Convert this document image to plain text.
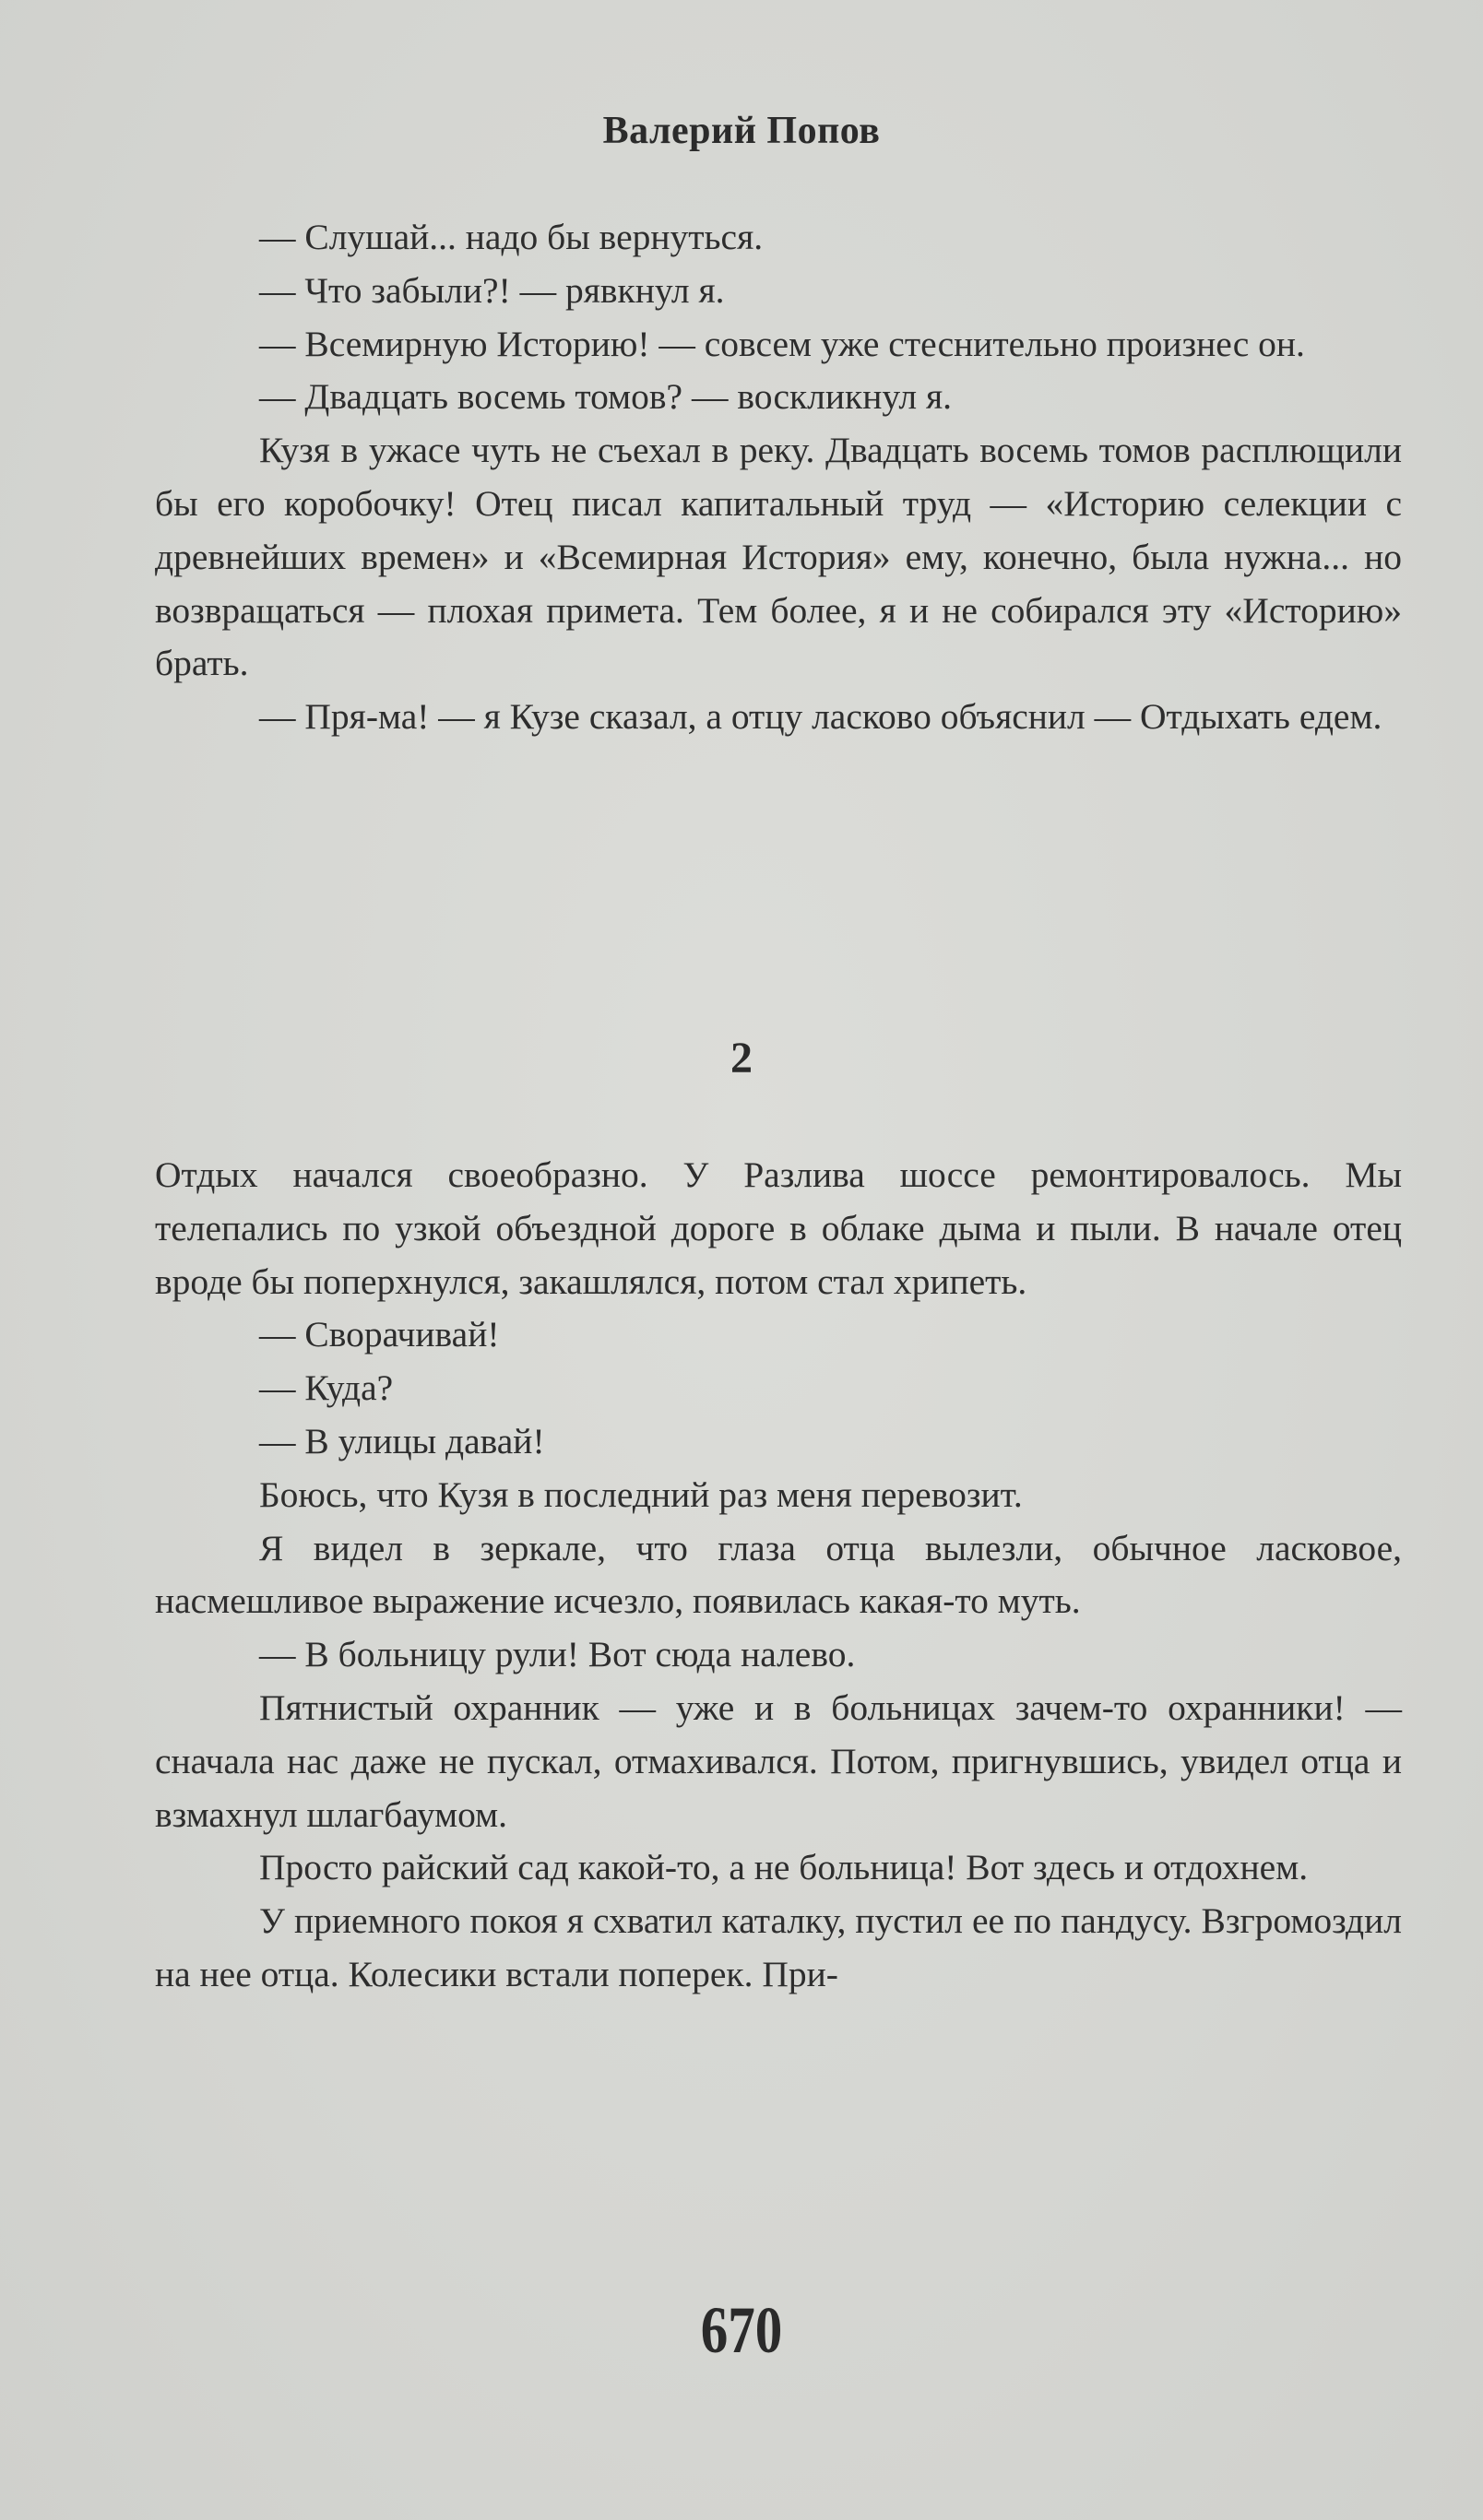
Валерий Попов

— Слушай... надо бы вернуться.

— Что забыли?! — рявкнул я.

— Всемирную Историю! — совсем уже стеснительно произнес он.

— Двадцать восемь томов? — воскликнул я.

Кузя в ужасе чуть не съехал в реку. Двадцать восемь томов расплющили бы его коробочку! Отец писал капитальный труд — «Историю селекции с древнейших времен» и «Всемирная История» ему, конечно, была нужна... но возвращаться — плохая примета. Тем более, я и не собирался эту «Историю» брать.

— Пря-ма! — я Кузе сказал, а отцу ласково объяснил — Отдыхать едем.

2

Отдых начался своеобразно. У Разлива шоссе ремонтировалось. Мы телепались по узкой объездной дороге в облаке дыма и пыли. В начале отец вроде бы поперхнулся, закашлялся, потом стал хрипеть.

— Сворачивай!

— Куда?

— В улицы давай!

Боюсь, что Кузя в последний раз меня перевозит.

Я видел в зеркале, что глаза отца вылезли, обычное ласковое, насмешливое выражение исчезло, появилась какая-то муть.

— В больницу рули! Вот сюда налево.

Пятнистый охранник — уже и в больницах зачем-то охранники! — сначала нас даже не пускал, отмахивался. Потом, пригнувшись, увидел отца и взмахнул шлагбаумом.

Просто райский сад какой-то, а не больница! Вот здесь и отдохнем.

У приемного покоя я схватил каталку, пустил ее по пандусу. Взгромоздил на нее отца. Колесики встали поперек. При-

670
